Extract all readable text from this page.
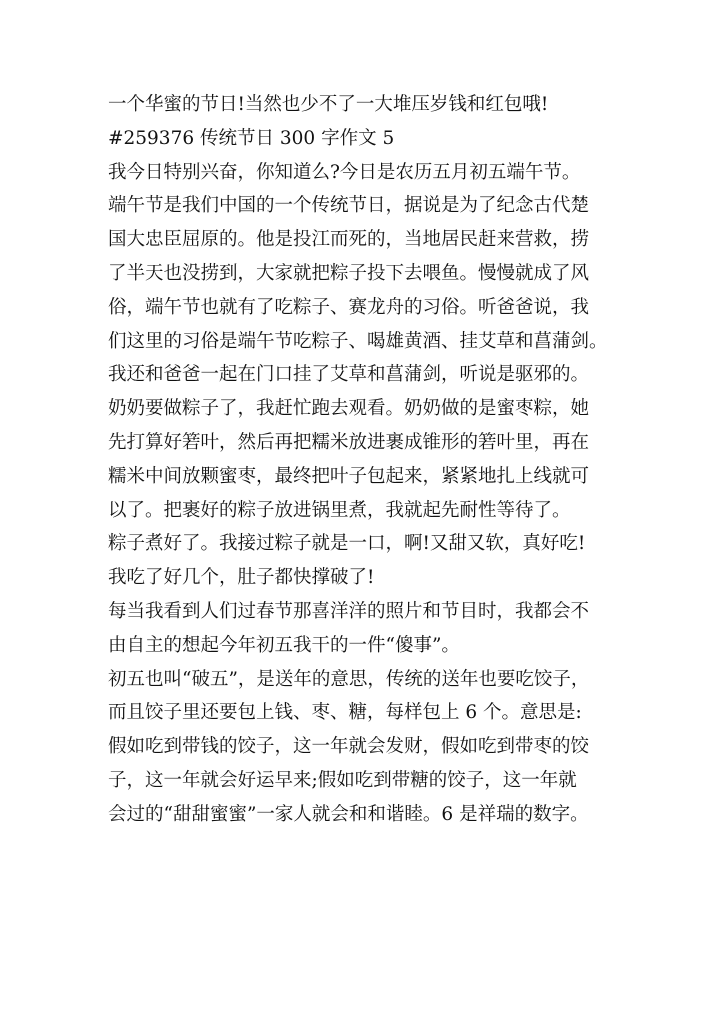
一个华蜜的节日!当然也少不了一大堆压岁钱和红包哦!
#259376 传统节日 300 字作文 5
我今日特别兴奋，你知道么?今日是农历五月初五端午节。
端午节是我们中国的一个传统节日，据说是为了纪念古代楚
国大忠臣屈原的。他是投江而死的，当地居民赶来营救，捞
了半天也没捞到，大家就把粽子投下去喂鱼。慢慢就成了风
俗，端午节也就有了吃粽子、赛龙舟的习俗。听爸爸说，我
们这里的习俗是端午节吃粽子、喝雄黄酒、挂艾草和菖蒲剑。
我还和爸爸一起在门口挂了艾草和菖蒲剑，听说是驱邪的。
奶奶要做粽子了，我赶忙跑去观看。奶奶做的是蜜枣粽，她
先打算好箬叶，然后再把糯米放进裹成锥形的箬叶里，再在
糯米中间放颗蜜枣，最终把叶子包起来，紧紧地扎上线就可
以了。把裹好的粽子放进锅里煮，我就起先耐性等待了。
粽子煮好了。我接过粽子就是一口，啊!又甜又软，真好吃!
我吃了好几个，肚子都快撑破了!
每当我看到人们过春节那喜洋洋的照片和节目时，我都会不
由自主的想起今年初五我干的一件“傻事”。
初五也叫“破五”，是送年的意思，传统的送年也要吃饺子，
而且饺子里还要包上钱、枣、糖，每样包上 6 个。意思是:
假如吃到带钱的饺子，这一年就会发财，假如吃到带枣的饺
子，这一年就会好运早来;假如吃到带糖的饺子，这一年就
会过的“甜甜蜜蜜”一家人就会和和谐睦。6 是祥瑞的数字。
